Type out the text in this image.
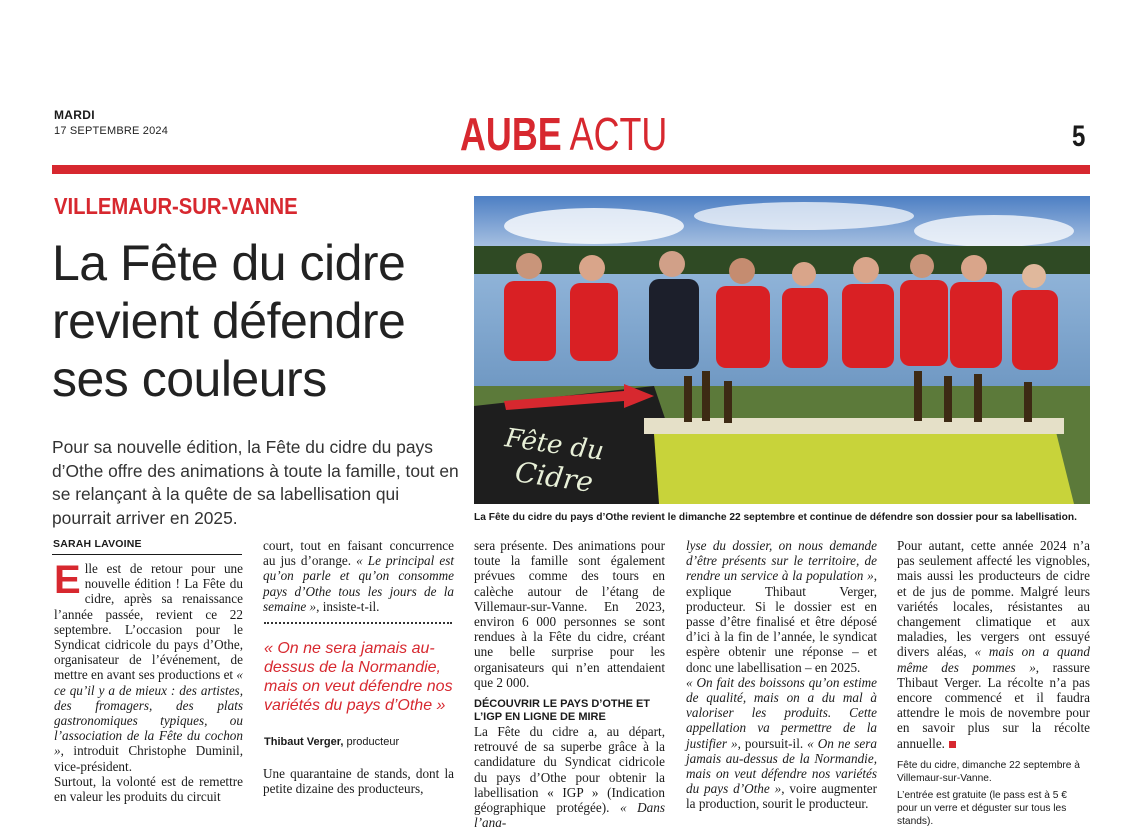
MARDI
17 SEPTEMBRE 2024	AUBE ACTU	5
VILLEMAUR-SUR-VANNE
La Fête du cidre revient défendre ses couleurs
Pour sa nouvelle édition, la Fête du cidre du pays d’Othe offre des animations à toute la famille, tout en se relançant à la quête de sa labellisation qui pourrait arriver en 2025.
SARAH LAVOINE
Fête du
Cidre
La Fête du cidre du pays d’Othe revient le dimanche 22 septembre et continue de défendre son dossier pour sa labellisation.

E lle est de retour pour une nouvelle édition ! La Fête du cidre, après sa renaissance l’année passée, revient ce 22 septembre. L’occasion pour le Syndicat cidricole du pays d’Othe, organisateur de l’événement, de mettre en avant ses productions et « ce qu’il y a de mieux : des artistes, des fromagers, des plats gastronomiques typiques, ou l’association de la Fête du cochon », introduit Christophe Duminil, vice-président.

Surtout, la volonté est de remettre en valeur les produits du circuit

court, tout en faisant concurrence au jus d’orange. « Le principal est qu’on parle et qu’on consomme pays d’Othe tous les jours de la semaine », insiste-t-il.

« On ne sera jamais au-dessus de la Normandie, mais on veut défendre nos variétés du pays d’Othe »
Thibaut Verger, producteur

Une quarantaine de stands, dont la petite dizaine des producteurs,

sera présente. Des animations pour toute la famille sont également prévues comme des tours en calèche autour de l’étang de Villemaur-sur-Vanne. En 2023, environ 6 000 personnes se sont rendues à la Fête du cidre, créant une belle surprise pour les organisateurs qui n’en attendaient que 2 000.

DÉCOUVRIR LE PAYS D’OTHE ET L’IGP EN LIGNE DE MIRE

La Fête du cidre a, au départ, retrouvé de sa superbe grâce à la candidature du Syndicat cidricole du pays d’Othe pour obtenir la labellisation « IGP » (Indication géographique protégée). « Dans l’ana-

lyse du dossier, on nous demande d’être présents sur le territoire, de rendre un service à la population », explique Thibaut Verger, producteur. Si le dossier est en passe d’être finalisé et être déposé d’ici à la fin de l’année, le syndicat espère obtenir une réponse – et donc une labellisation – en 2025.

« On fait des boissons qu’on estime de qualité, mais on a du mal à valoriser les produits. Cette appellation va permettre de la justifier », poursuit-il. « On ne sera jamais au-dessus de la Normandie, mais on veut défendre nos variétés du pays d’Othe », voire augmenter la production, sourit le producteur.

Pour autant, cette année 2024 n’a pas seulement affecté les vignobles, mais aussi les producteurs de cidre et de jus de pomme. Malgré leurs variétés locales, résistantes au changement climatique et aux maladies, les vergers ont essuyé divers aléas, « mais on a quand même des pommes », rassure Thibaut Verger. La récolte n’a pas encore commencé et il faudra attendre le mois de novembre pour en savoir plus sur la récolte annuelle.

Fête du cidre, dimanche 22 septembre à Villemaur-sur-Vanne.

L’entrée est gratuite (le pass est à 5 € pour un verre et déguster sur tous les stands).
